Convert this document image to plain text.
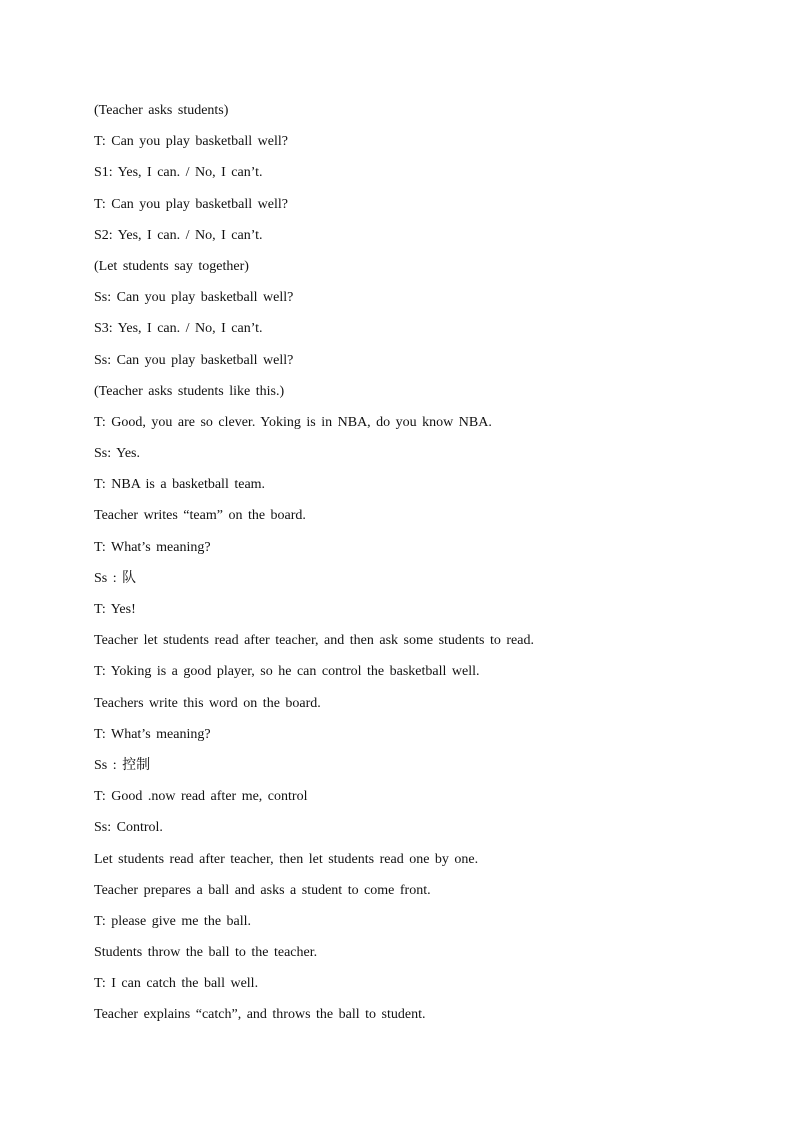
(Teacher asks students)
T: Can you play basketball well?
S1: Yes, I can. / No, I can’t.
T: Can you play basketball well?
S2: Yes, I can. / No, I can’t.
(Let students say together)
Ss: Can you play basketball well?
S3: Yes, I can. / No, I can’t.
Ss: Can you play basketball well?
(Teacher asks students like this.)
T: Good, you are so clever. Yoking is in NBA, do you know NBA.
Ss: Yes.
T: NBA is a basketball team.
Teacher writes “team” on the board.
T: What’s meaning?
Ss : 队
T: Yes!
Teacher let students read after teacher, and then ask some students to read.
T: Yoking is a good player, so he can control the basketball well.
Teachers write this word on the board.
T: What’s meaning?
Ss : 控制
T: Good .now read after me, control
Ss: Control.
Let students read after teacher, then let students read one by one.
Teacher prepares a ball and asks a student to come front.
T: please give me the ball.
Students throw the ball to the teacher.
T: I can catch the ball well.
Teacher explains “catch”, and throws the ball to student.
